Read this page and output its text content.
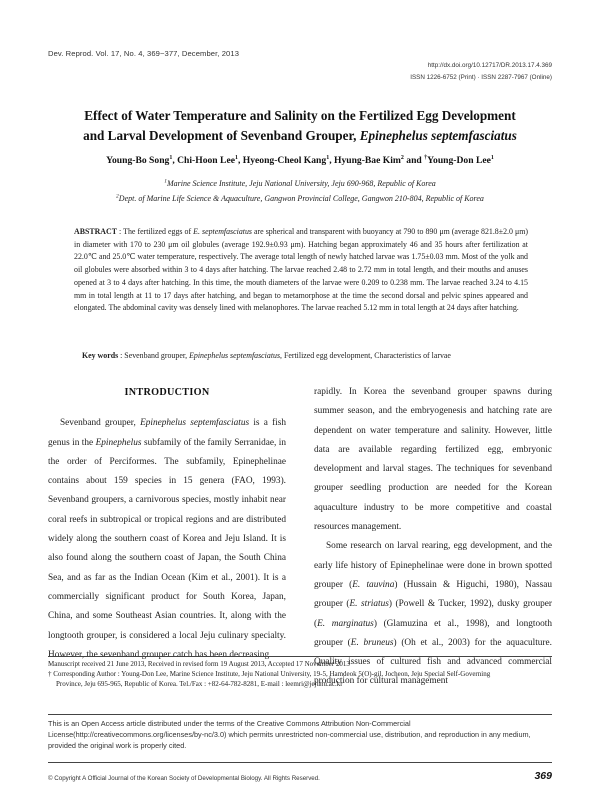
Dev. Reprod. Vol. 17, No. 4, 369~377, December, 2013
http://dx.doi.org/10.12717/DR.2013.17.4.369
ISSN 1226-6752 (Print) · ISSN 2287-7967 (Online)
Effect of Water Temperature and Salinity on the Fertilized Egg Development
and Larval Development of Sevenband Grouper, Epinephelus septemfasciatus
Young-Bo Song$^1$, Chi-Hoon Lee$^1$, Hyeong-Cheol Kang$^1$, Hyung-Bae Kim$^2$ and †Young-Don Lee$^1$
$^1$Marine Science Institute, Jeju National University, Jeju 690-968, Republic of Korea
$^2$Dept. of Marine Life Science & Aquaculture, Gangwon Provincial College, Gangwon 210-804, Republic of Korea
ABSTRACT : The fertilized eggs of E. septemfasciatus are spherical and transparent with buoyancy at 790 to 890 μm (average 821.8±2.0 μm) in diameter with 170 to 230 μm oil globules (average 192.9±0.93 μm). Hatching began approximately 46 and 35 hours after fertilization at 22.0℃ and 25.0℃ water temperature, respectively. The average total length of newly hatched larvae was 1.75±0.03 mm. Most of the yolk and oil globules were absorbed within 3 to 4 days after hatching. The larvae reached 2.48 to 2.72 mm in total length, and their mouths and anuses opened at 3 to 4 days after hatching. In this time, the mouth diameters of the larvae were 0.209 to 0.238 mm. The larvae reached 3.24 to 4.15 mm in total length at 11 to 17 days after hatching, and began to metamorphose at the time the second dorsal and pelvic spines appeared and elongated. The abdominal cavity was densely lined with melanophores. The larvae reached 5.12 mm in total length at 24 days after hatching.
Key words : Sevenband grouper, Epinephelus septemfasciatus, Fertilized egg development, Characteristics of larvae
INTRODUCTION

Sevenband grouper, Epinephelus septemfasciatus is a fish genus in the Epinephelus subfamily of the family Serranidae, in the order of Perciformes. The subfamily, Epinephelinae contains about 159 species in 15 genera (FAO, 1993). Sevenband groupers, a carnivorous species, mostly inhabit near coral reefs in subtropical or tropical regions and are distributed widely along the southern coast of Korea and Jeju Island. It is also found along the southern coast of Japan, the South China Sea, and as far as the Indian Ocean (Kim et al., 2001). It is a commercially significant product for South Korea, Japan, China, and some Southeast Asian countries. It, along with the longtooth grouper, is considered a local Jeju culinary specialty. However, the sevenband grouper catch has been decreasing

rapidly. In Korea the sevenband grouper spawns during summer season, and the embryogenesis and hatching rate are dependent on water temperature and salinity. However, little data are available regarding fertilized egg, embryonic development and larval stages. The techniques for sevenband grouper seedling production are needed for the Korean aquaculture industry to be more competitive and coastal resources management.

Some research on larval rearing, egg development, and the early life history of Epinephelinae were done in brown spotted grouper (E. tauvina) (Hussain & Higuchi, 1980), Nassau grouper (E. striatus) (Powell & Tucker, 1992), dusky grouper (E. marginatus) (Glamuzina et al., 1998), and longtooth grouper (E. bruneus) (Oh et al., 2003) for the aquaculture. Quality issues of cultured fish and advanced commercial production for cultural management

Manuscript received 21 June 2013, Received in revised form 19 August 2013, Accepted 17 November 2013
† Corresponding Author : Young-Don Lee, Marine Science Institute, Jeju National University, 19-5, Hamdeok 5(O)-gil, Jocheon, Jeju Special Self-Governing
Province, Jeju 695-965, Republic of Korea. Tel./Fax : +82-64-782-8281, E-mail : leemri@jejunu.ac.kr
This is an Open Access article distributed under the terms of the Creative Commons Attribution Non-Commercial License(http://creativecommons.org/licenses/by-nc/3.0) which permits unrestricted non-commercial use, distribution, and reproduction in any medium, provided the original work is properly cited.
© Copyright A Official Journal of the Korean Society of Developmental Biology. All Rights Reserved.	369
